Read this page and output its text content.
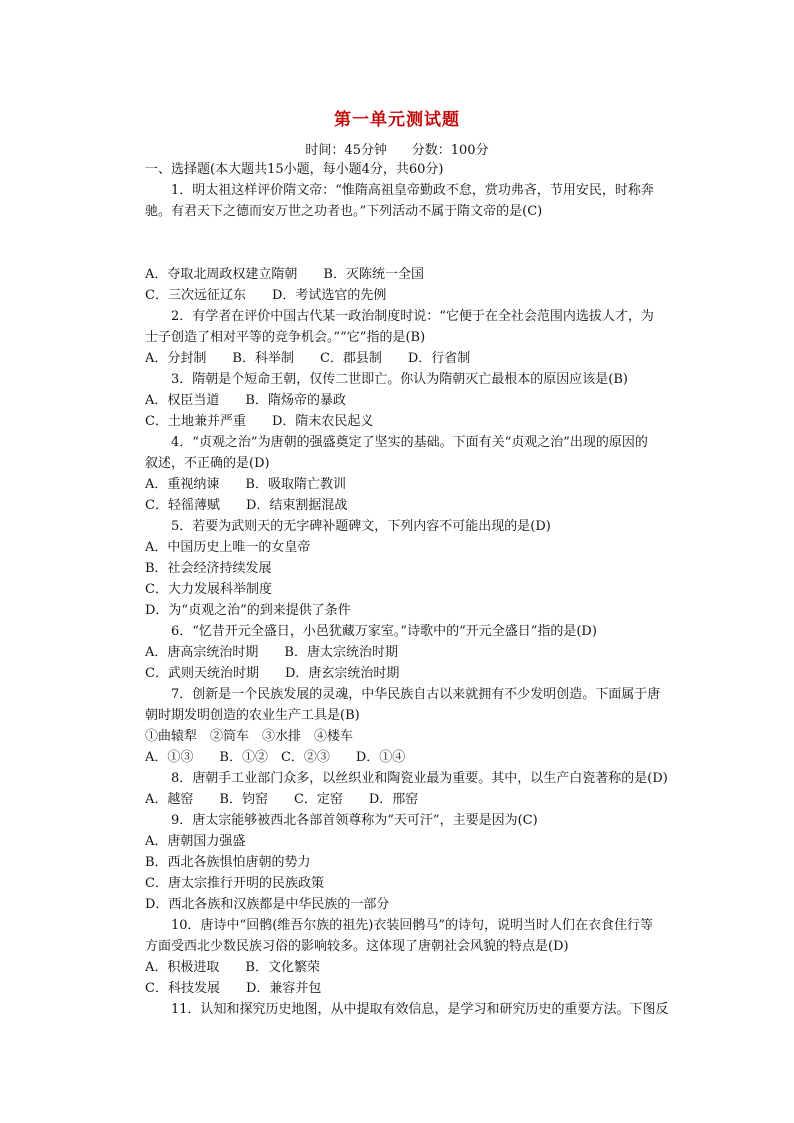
第一单元测试题
时间：45分钟      分数：100分
一、选择题(本大题共15小题，每小题4分，共60分)
1．明太祖这样评价隋文帝：“惟隋高祖皇帝勤政不怠，赏功弗吝，节用安民，时称奔
驰。有君天下之德而安万世之功者也。”下列活动不属于隋文帝的是(C)
A．夺取北周政权建立隋朝　　B．灭陈统一全国
C．三次远征辽东　　D．考试选官的先例
2．有学者在评价中国古代某一政治制度时说：“它便于在全社会范围内选拔人才，为
士子创造了相对平等的竞争机会。”“它”指的是(B)
A．分封制　　B．科举制　　C．郡县制　　D．行省制
3．隋朝是个短命王朝，仅传二世即亡。你认为隋朝灭亡最根本的原因应该是(B)
A．权臣当道　　B．隋炀帝的暴政
C．土地兼并严重　　D．隋末农民起义
4．“贞观之治”为唐朝的强盛奠定了坚实的基础。下面有关“贞观之治”出现的原因的
叙述，不正确的是(D)
A．重视纳谏　　B．吸取隋亡教训
C．轻徭薄赋　　D．结束割据混战
5．若要为武则天的无字碑补题碑文，下列内容不可能出现的是(D)
A．中国历史上唯一的女皇帝
B．社会经济持续发展
C．大力发展科举制度
D．为“贞观之治”的到来提供了条件
6．“忆昔开元全盛日，小邑犹藏万家室。”诗歌中的“开元全盛日”指的是(D)
A．唐高宗统治时期　　B．唐太宗统治时期
C．武则天统治时期　　D．唐玄宗统治时期
7．创新是一个民族发展的灵魂，中华民族自古以来就拥有不少发明创造。下面属于唐
朝时期发明创造的农业生产工具是(B)
①曲辕犁　②筒车　③水排　④楼车
A．①③　　B．①②　C．②③　　D．①④
8．唐朝手工业部门众多，以丝织业和陶瓷业最为重要。其中，以生产白瓷著称的是(D)
A．越窑　　B．钧窑　　C．定窑　　D．邢窑
9．唐太宗能够被西北各部首领尊称为“天可汗”，主要是因为(C)
A．唐朝国力强盛
B．西北各族惧怕唐朝的势力
C．唐太宗推行开明的民族政策
D．西北各族和汉族都是中华民族的一部分
10．唐诗中“回鹘(维吾尔族的祖先)衣装回鹘马”的诗句，说明当时人们在衣食住行等
方面受西北少数民族习俗的影响较多。这体现了唐朝社会风貌的特点是(D)
A．积极进取　　B．文化繁荣
C．科技发展　　D．兼容并包
11．认知和探究历史地图，从中提取有效信息，是学习和研究历史的重要方法。下图反
